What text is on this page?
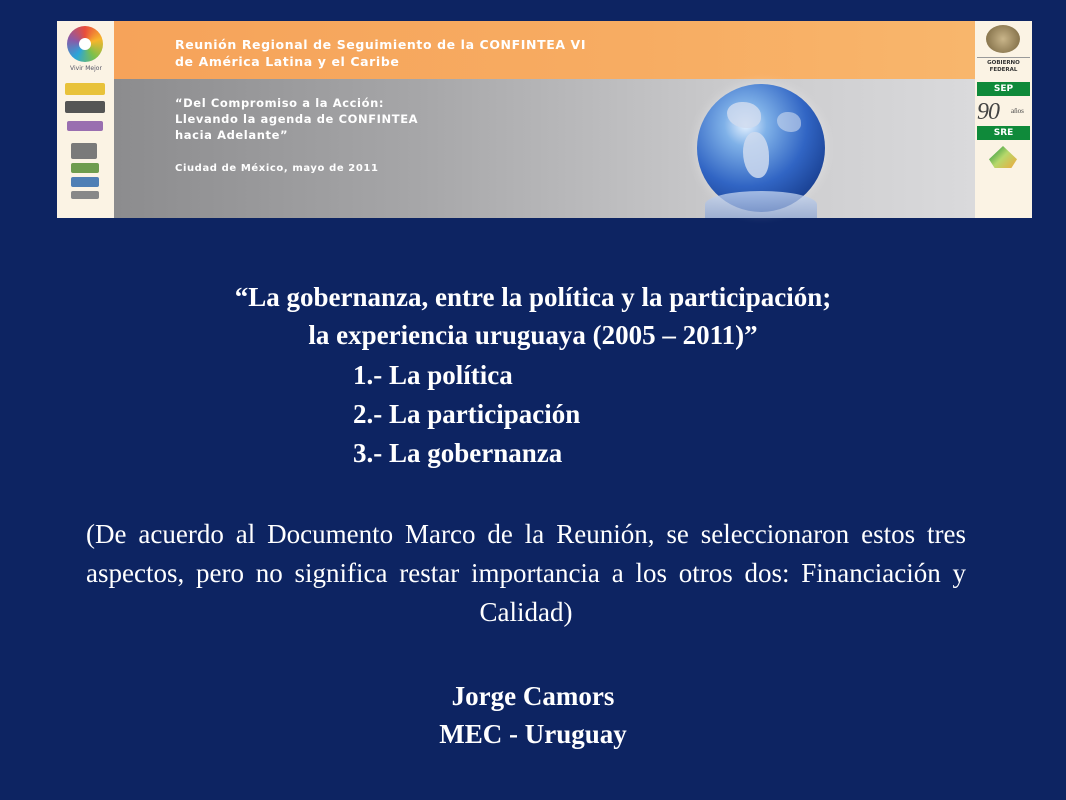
Vivir Mejor
Reunión Regional de Seguimiento de la CONFINTEA VI
de América Latina y el Caribe
“Del Compromiso a la Acción:
Llevando la agenda de CONFINTEA
hacia Adelante”
Ciudad de México, mayo de 2011
GOBIERNO
FEDERAL
SEP
90 años
SRE
“La gobernanza, entre la política y la participación;
la experiencia uruguaya (2005 – 2011)”
1.- La política
2.- La participación
3.- La gobernanza
(De acuerdo al Documento Marco de la Reunión, se seleccionaron estos tres aspectos, pero no significa restar importancia a los otros dos: Financiación y Calidad)
Jorge Camors
MEC - Uruguay
